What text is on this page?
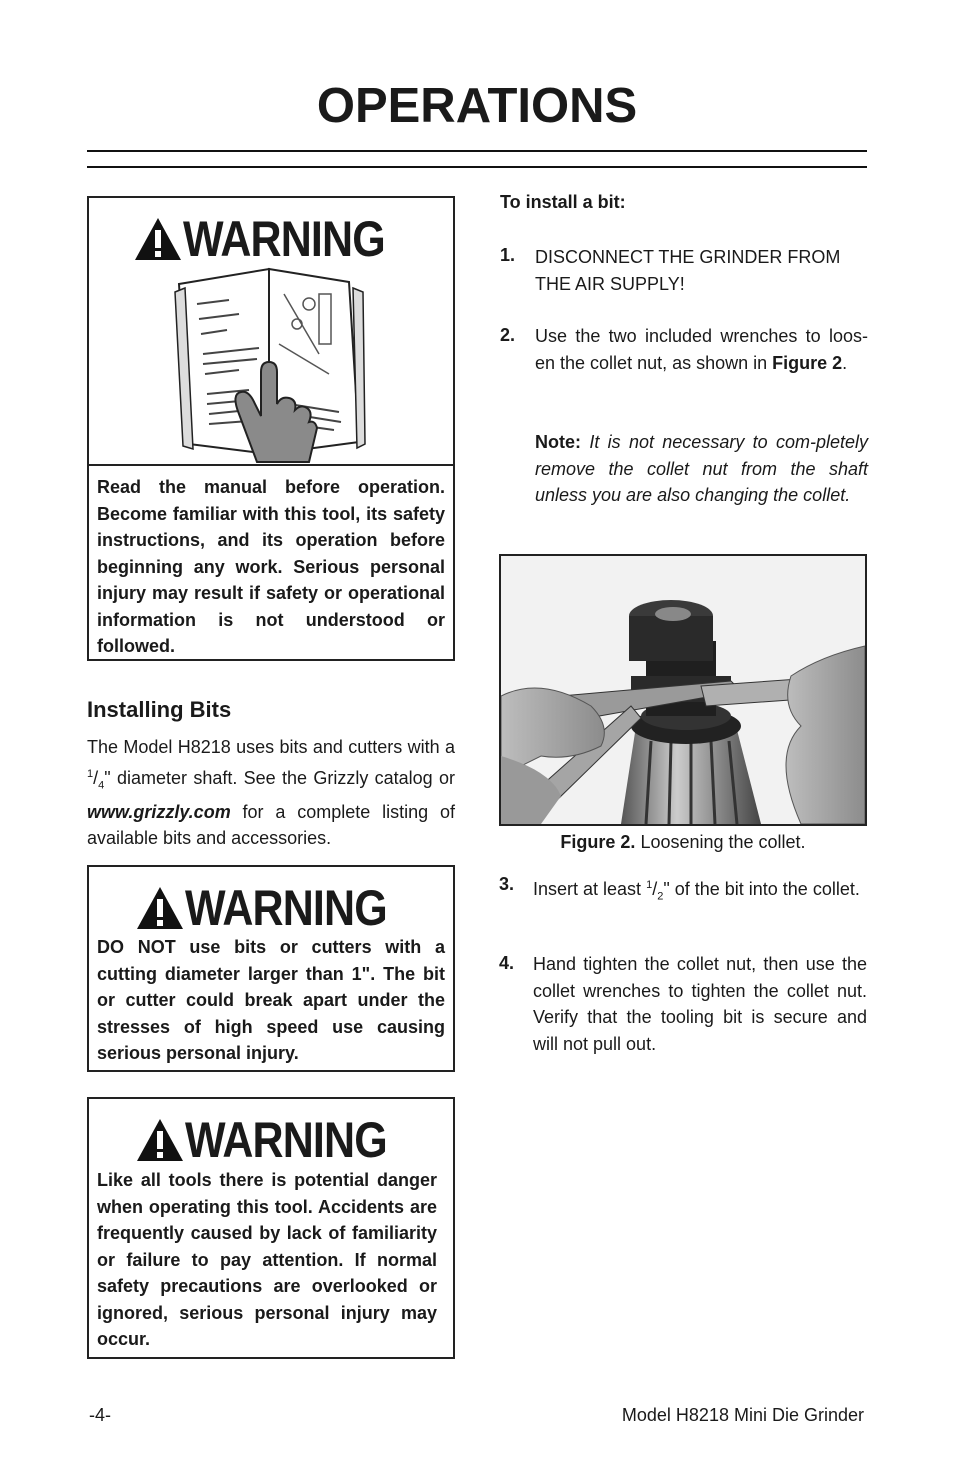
OPERATIONS
WARNING
Read the manual before operation. Become familiar with this tool, its safety instructions, and its operation before beginning any work. Serious personal injury may result if safety or operational information is not understood or followed.
Installing Bits
The Model H8218 uses bits and cutters with a $^1/_4$" diameter shaft. See the Grizzly catalog or www.grizzly.com for a complete listing of available bits and accessories.
WARNING
DO NOT use bits or cutters with a cutting diameter larger than 1". The bit or cutter could break apart under the stresses of high speed use causing serious personal injury.
WARNING
Like all tools there is potential danger when operating this tool. Accidents are frequently caused by lack of familiarity or failure to pay attention. If normal safety precautions are overlooked or ignored, serious personal injury may occur.
To install a bit:
1. DISCONNECT THE GRINDER FROM THE AIR SUPPLY!
2. Use the two included wrenches to loos-en the collet nut, as shown in Figure 2.
Note: It is not necessary to com-pletely remove the collet nut from the shaft unless you are also changing the collet.
Figure 2. Loosening the collet.
3. Insert at least $^1/_2$" of the bit into the collet.
4. Hand tighten the collet nut, then use the collet wrenches to tighten the collet nut. Verify that the tooling bit is secure and will not pull out.
-4-	Model H8218 Mini Die Grinder
